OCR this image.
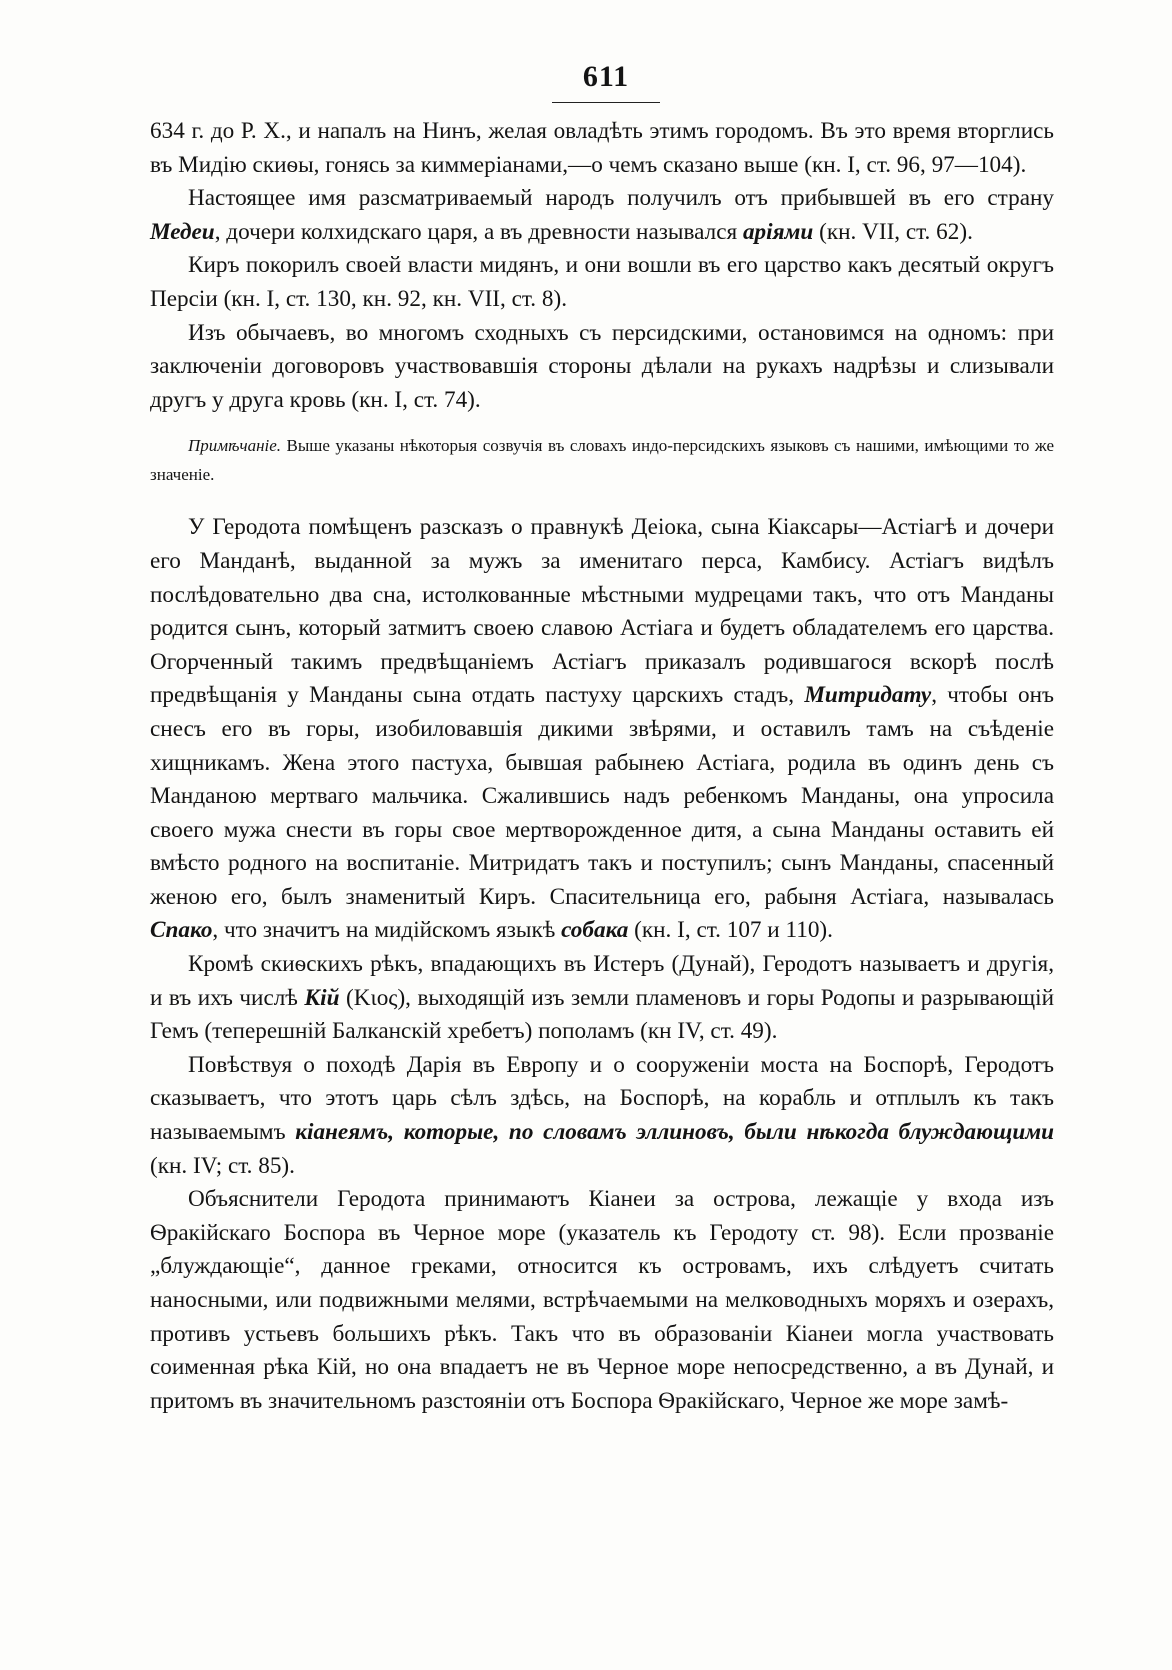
611

634 г. до Р. Х., и напалъ на Нинъ, желая овладѣть этимъ городомъ. Въ это время вторглись въ Мидію скиѳы, гонясь за киммеріанами,—о чемъ сказано выше (кн. I, ст. 96, 97—104).

Настоящее имя разсматриваемый народъ получилъ отъ прибывшей въ его страну Медеи, дочери колхидскаго царя, а въ древности назывался аріями (кн. VII, ст. 62).

Киръ покорилъ своей власти мидянъ, и они вошли въ его царство какъ десятый округъ Персіи (кн. I, ст. 130, кн. 92, кн. VII, ст. 8).

Изъ обычаевъ, во многомъ сходныхъ съ персидскими, остановимся на одномъ: при заключеніи договоровъ участвовавшія стороны дѣлали на рукахъ надрѣзы и слизывали другъ у друга кровь (кн. I, ст. 74).

Примѣчаніе. Выше указаны нѣкоторыя созвучія въ словахъ индо-персидскихъ языковъ съ нашими, имѣющими то же значеніе.

У Геродота помѣщенъ разсказъ о правнукѣ Деіока, сына Кіаксары—Астіагѣ и дочери его Манданѣ, выданной за мужъ за именитаго перса, Камбису. Астіагъ видѣлъ послѣдовательно два сна, истолкованные мѣстными мудрецами такъ, что отъ Манданы родится сынъ, который затмитъ своею славою Астіага и будетъ обладателемъ его царства. Огорченный такимъ предвѣщаніемъ Астіагъ приказалъ родившагося вскорѣ послѣ предвѣщанія у Манданы сына отдать пастуху царскихъ стадъ, Митридату, чтобы онъ снесъ его въ горы, изобиловавшія дикими звѣрями, и оставилъ тамъ на съѣденіе хищникамъ. Жена этого пастуха, бывшая рабынею Астіага, родила въ одинъ день съ Манданою мертваго мальчика. Сжалившись надъ ребенкомъ Манданы, она упросила своего мужа снести въ горы свое мертворожденное дитя, а сына Манданы оставить ей вмѣсто родного на воспитаніе. Митридатъ такъ и поступилъ; сынъ Манданы, спасенный женою его, былъ знаменитый Киръ. Спасительница его, рабыня Астіага, называлась Спако, что значитъ на мидійскомъ языкѣ собака (кн. I, ст. 107 и 110).

Кромѣ скиѳскихъ рѣкъ, впадающихъ въ Истеръ (Дунай), Геродотъ называетъ и другія, и въ ихъ числѣ Кій (Κιος), выходящій изъ земли пламеновъ и горы Родопы и разрывающій Гемъ (теперешній Балканскій хребетъ) пополамъ (кн IV, ст. 49).

Повѣствуя о походѣ Дарія въ Европу и о сооруженіи моста на Боспорѣ, Геродотъ сказываетъ, что этотъ царь сѣлъ здѣсь, на Боспорѣ, на корабль и отплылъ къ такъ называемымъ кіанеямъ, которые, по словамъ эллиновъ, были нѣкогда блуждающими (кн. IV; ст. 85).

Объяснители Геродота принимаютъ Кіанеи за острова, лежащіе у входа изъ Ѳракійскаго Боспора въ Черное море (указатель къ Геродоту ст. 98). Если прозваніе „блуждающіе“, данное греками, относится къ островамъ, ихъ слѣдуетъ считать наносными, или подвижными мелями, встрѣчаемыми на мелководныхъ моряхъ и озерахъ, противъ устьевъ большихъ рѣкъ. Такъ что въ образованіи Кіанеи могла участвовать соименная рѣка Кій, но она впадаетъ не въ Черное море непосредственно, а въ Дунай, и притомъ въ значительномъ разстояніи отъ Боспора Ѳракійскаго, Черное же море замѣ-
